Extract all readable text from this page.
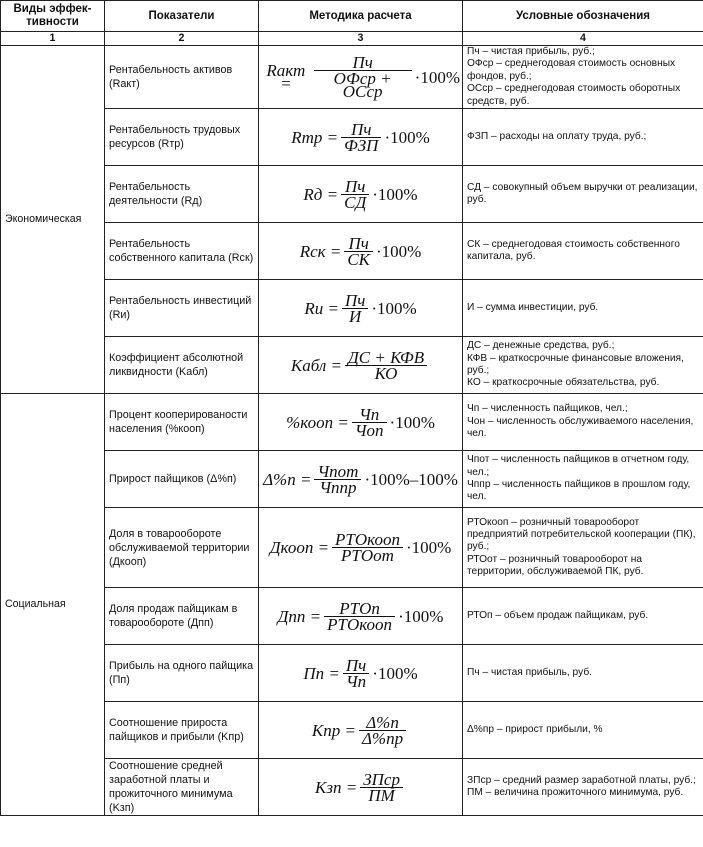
Виды эффек-
тивности	Показатели	Методика расчета	Условные обозначения
1	2	3	4
Экономическая	Рентабельность активов (Rакт)	Rакт = $\frac{Пч}{\text{ОФср + ОСср}} \cdot 100\%$	Пч – чистая прибыль, руб.;
ОФср – среднегодовая стоимость основных фондов, руб.;
ОСср – среднегодовая стоимость оборотных средств, руб.
	Рентабельность трудовых ресурсов (Rтр)	Rтр = $\frac{Пч}{\text{ФЗП}} \cdot 100\%$	ФЗП – расходы на оплату труда, руб.;
	Рентабельность деятельности (Rд)	Rд = $\frac{Пч}{СД} \cdot 100\%$	СД – совокупный объем выручки от реализации, руб.
	Рентабельность собственного капитала (Rск)	Rск = $\frac{Пч}{СК} \cdot 100\%$	СК – среднегодовая стоимость собственного капитала, руб.
	Рентабельность инвестиций (Rи)	Rи = $\frac{Пч}{И} \cdot 100\%$	И – сумма инвестиции, руб.
	Коэффициент абсолютной ликвидности (Kабл)	Kабл = $\frac{\text{ДС + КФВ}}{КО}$	ДС – денежные средства, руб.;
КФВ – краткосрочные финансовые вложения, руб.;
КО – краткосрочные обязательства, руб.
Социальная	Процент кооперированости населения (%кооп)	%кооп = $\frac{Чп}{\text{Чоп}} \cdot 100\%$	Чп – численность пайщиков, чел.;
Чон – численность обслуживаемого населения, чел.
	Прирост пайщиков (Δ%п)	$\Delta\%п = \frac{\text{Чпот}}{\text{Чппр}} \cdot 100\%-100\%$	Чпот – численность пайщиков в отчетном году, чел.;
Чппр – численность пайщиков в прошлом году, чел.
	Доля в товарообороте обслуживаемой территории (Дкооп)	Дкооп = $\frac{\text{РТОкооп}}{\text{РТОот}} \cdot 100\%$	РТОкооп – розничный товарооборот предприятий потребительской кооперации (ПК), руб.;
РТОот – розничный товарооборот на территории, обслуживаемой ПК, руб.
	Доля продаж пайщикам в товарообороте (Дпп)	Дпп = $\frac{\text{РТОп}}{\text{РТОкооп}} \cdot 100\%$	РТОп – объем продаж пайщикам, руб.
	Прибыль на одного пайщика (Пп)	Пп = $\frac{Пч}{Чп} \cdot 100\%$	Пч – чистая прибыль, руб.
	Соотношение прироста пайщиков и прибыли (Kпр)	Kпр = $\frac{\Delta\%п}{\Delta\%пр}$	Δ%пр – прирост прибыли, %
	Соотношение средней заработной платы и прожиточного минимума (Kзп)	Kзп = $\frac{\text{ЗПср}}{ПМ}$	ЗПср – средний размер заработной платы, руб.;
ПМ – величина прожиточного минимума, руб.
